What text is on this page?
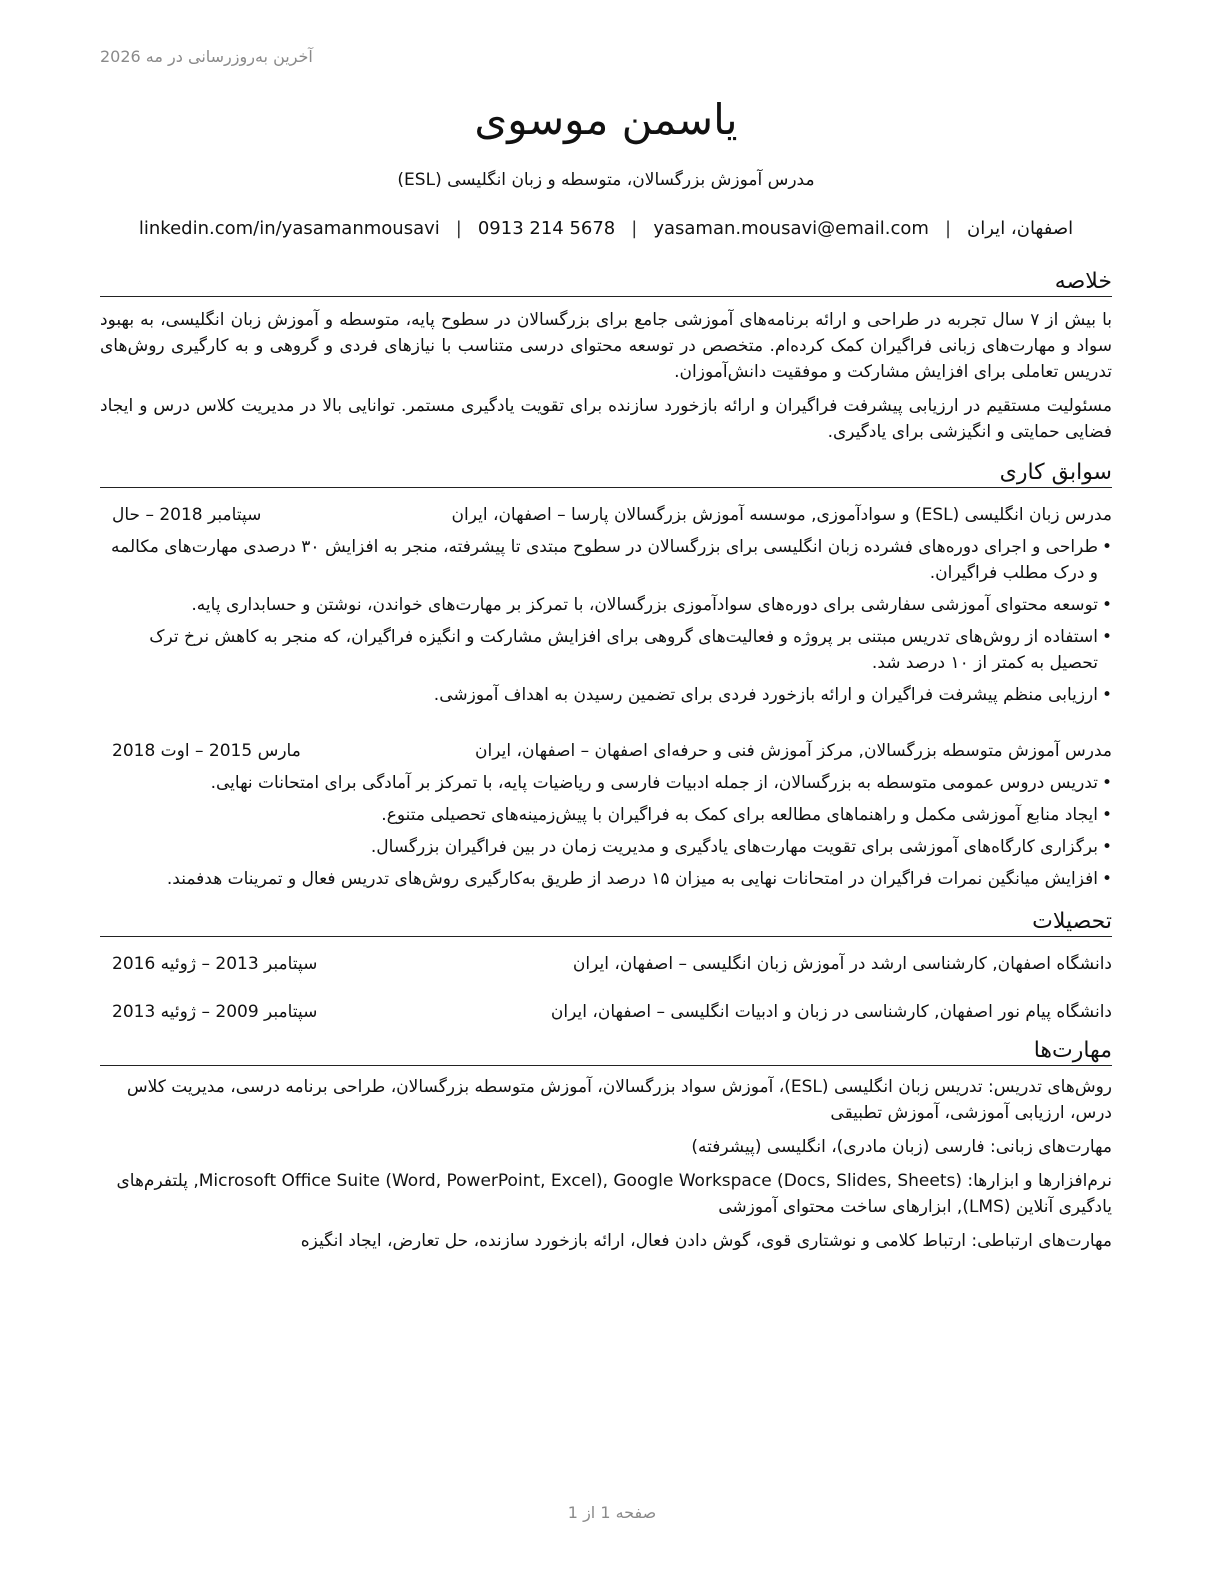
آخرین به‌روزرسانی در مه 2026
یاسمن موسوی
مدرس آموزش بزرگسالان، متوسطه و زبان انگلیسی (ESL)
اصفهان، ایران
|
yasaman.mousavi@email.com
|
0913 214 5678
|
linkedin.com/in/yasamanmousavi
خلاصه
با بیش از ۷ سال تجربه در طراحی و ارائه برنامه‌های آموزشی جامع برای بزرگسالان در سطوح پایه، متوسطه و آموزش زبان انگلیسی، به بهبود سواد و مهارت‌های زبانی فراگیران کمک کرده‌ام. متخصص در توسعه محتوای درسی متناسب با نیازهای فردی و گروهی و به کارگیری روش‌های تدریس تعاملی برای افزایش مشارکت و موفقیت دانش‌آموزان.
مسئولیت مستقیم در ارزیابی پیشرفت فراگیران و ارائه بازخورد سازنده برای تقویت یادگیری مستمر. توانایی بالا در مدیریت کلاس درس و ایجاد فضایی حمایتی و انگیزشی برای یادگیری.
سوابق کاری
مدرس زبان انگلیسی (ESL) و سوادآموزی, موسسه آموزش بزرگسالان پارسا – اصفهان، ایران
سپتامبر 2018 – حال
• طراحی و اجرای دوره‌های فشرده زبان انگلیسی برای بزرگسالان در سطوح مبتدی تا پیشرفته، منجر به افزایش ۳۰ درصدی مهارت‌های مکالمه و درک مطلب فراگیران.
• توسعه محتوای آموزشی سفارشی برای دوره‌های سوادآموزی بزرگسالان، با تمرکز بر مهارت‌های خواندن، نوشتن و حسابداری پایه.
• استفاده از روش‌های تدریس مبتنی بر پروژه و فعالیت‌های گروهی برای افزایش مشارکت و انگیزه فراگیران، که منجر به کاهش نرخ ترک تحصیل به کمتر از ۱۰ درصد شد.
• ارزیابی منظم پیشرفت فراگیران و ارائه بازخورد فردی برای تضمین رسیدن به اهداف آموزشی.
مدرس آموزش متوسطه بزرگسالان, مرکز آموزش فنی و حرفه‌ای اصفهان – اصفهان، ایران
مارس 2015 – اوت 2018
• تدریس دروس عمومی متوسطه به بزرگسالان، از جمله ادبیات فارسی و ریاضیات پایه، با تمرکز بر آمادگی برای امتحانات نهایی.
• ایجاد منابع آموزشی مکمل و راهنماهای مطالعه برای کمک به فراگیران با پیش‌زمینه‌های تحصیلی متنوع.
• برگزاری کارگاه‌های آموزشی برای تقویت مهارت‌های یادگیری و مدیریت زمان در بین فراگیران بزرگسال.
• افزایش میانگین نمرات فراگیران در امتحانات نهایی به میزان ۱۵ درصد از طریق به‌کارگیری روش‌های تدریس فعال و تمرینات هدفمند.
تحصیلات
دانشگاه اصفهان, کارشناسی ارشد در آموزش زبان انگلیسی – اصفهان، ایران
سپتامبر 2013 – ژوئیه 2016
دانشگاه پیام نور اصفهان, کارشناسی در زبان و ادبیات انگلیسی – اصفهان، ایران
سپتامبر 2009 – ژوئیه 2013
مهارت‌ها
روش‌های تدریس: تدریس زبان انگلیسی (ESL)، آموزش سواد بزرگسالان، آموزش متوسطه بزرگسالان، طراحی برنامه درسی، مدیریت کلاس درس، ارزیابی آموزشی، آموزش تطبیقی
مهارت‌های زبانی: فارسی (زبان مادری)، انگلیسی (پیشرفته)
نرم‌افزارها و ابزارها: Microsoft Office Suite (Word, PowerPoint, Excel), Google Workspace (Docs, Slides, Sheets), پلتفرم‌های یادگیری آنلاین (LMS), ابزارهای ساخت محتوای آموزشی
مهارت‌های ارتباطی: ارتباط کلامی و نوشتاری قوی، گوش دادن فعال، ارائه بازخورد سازنده، حل تعارض، ایجاد انگیزه
صفحه 1 از 1
